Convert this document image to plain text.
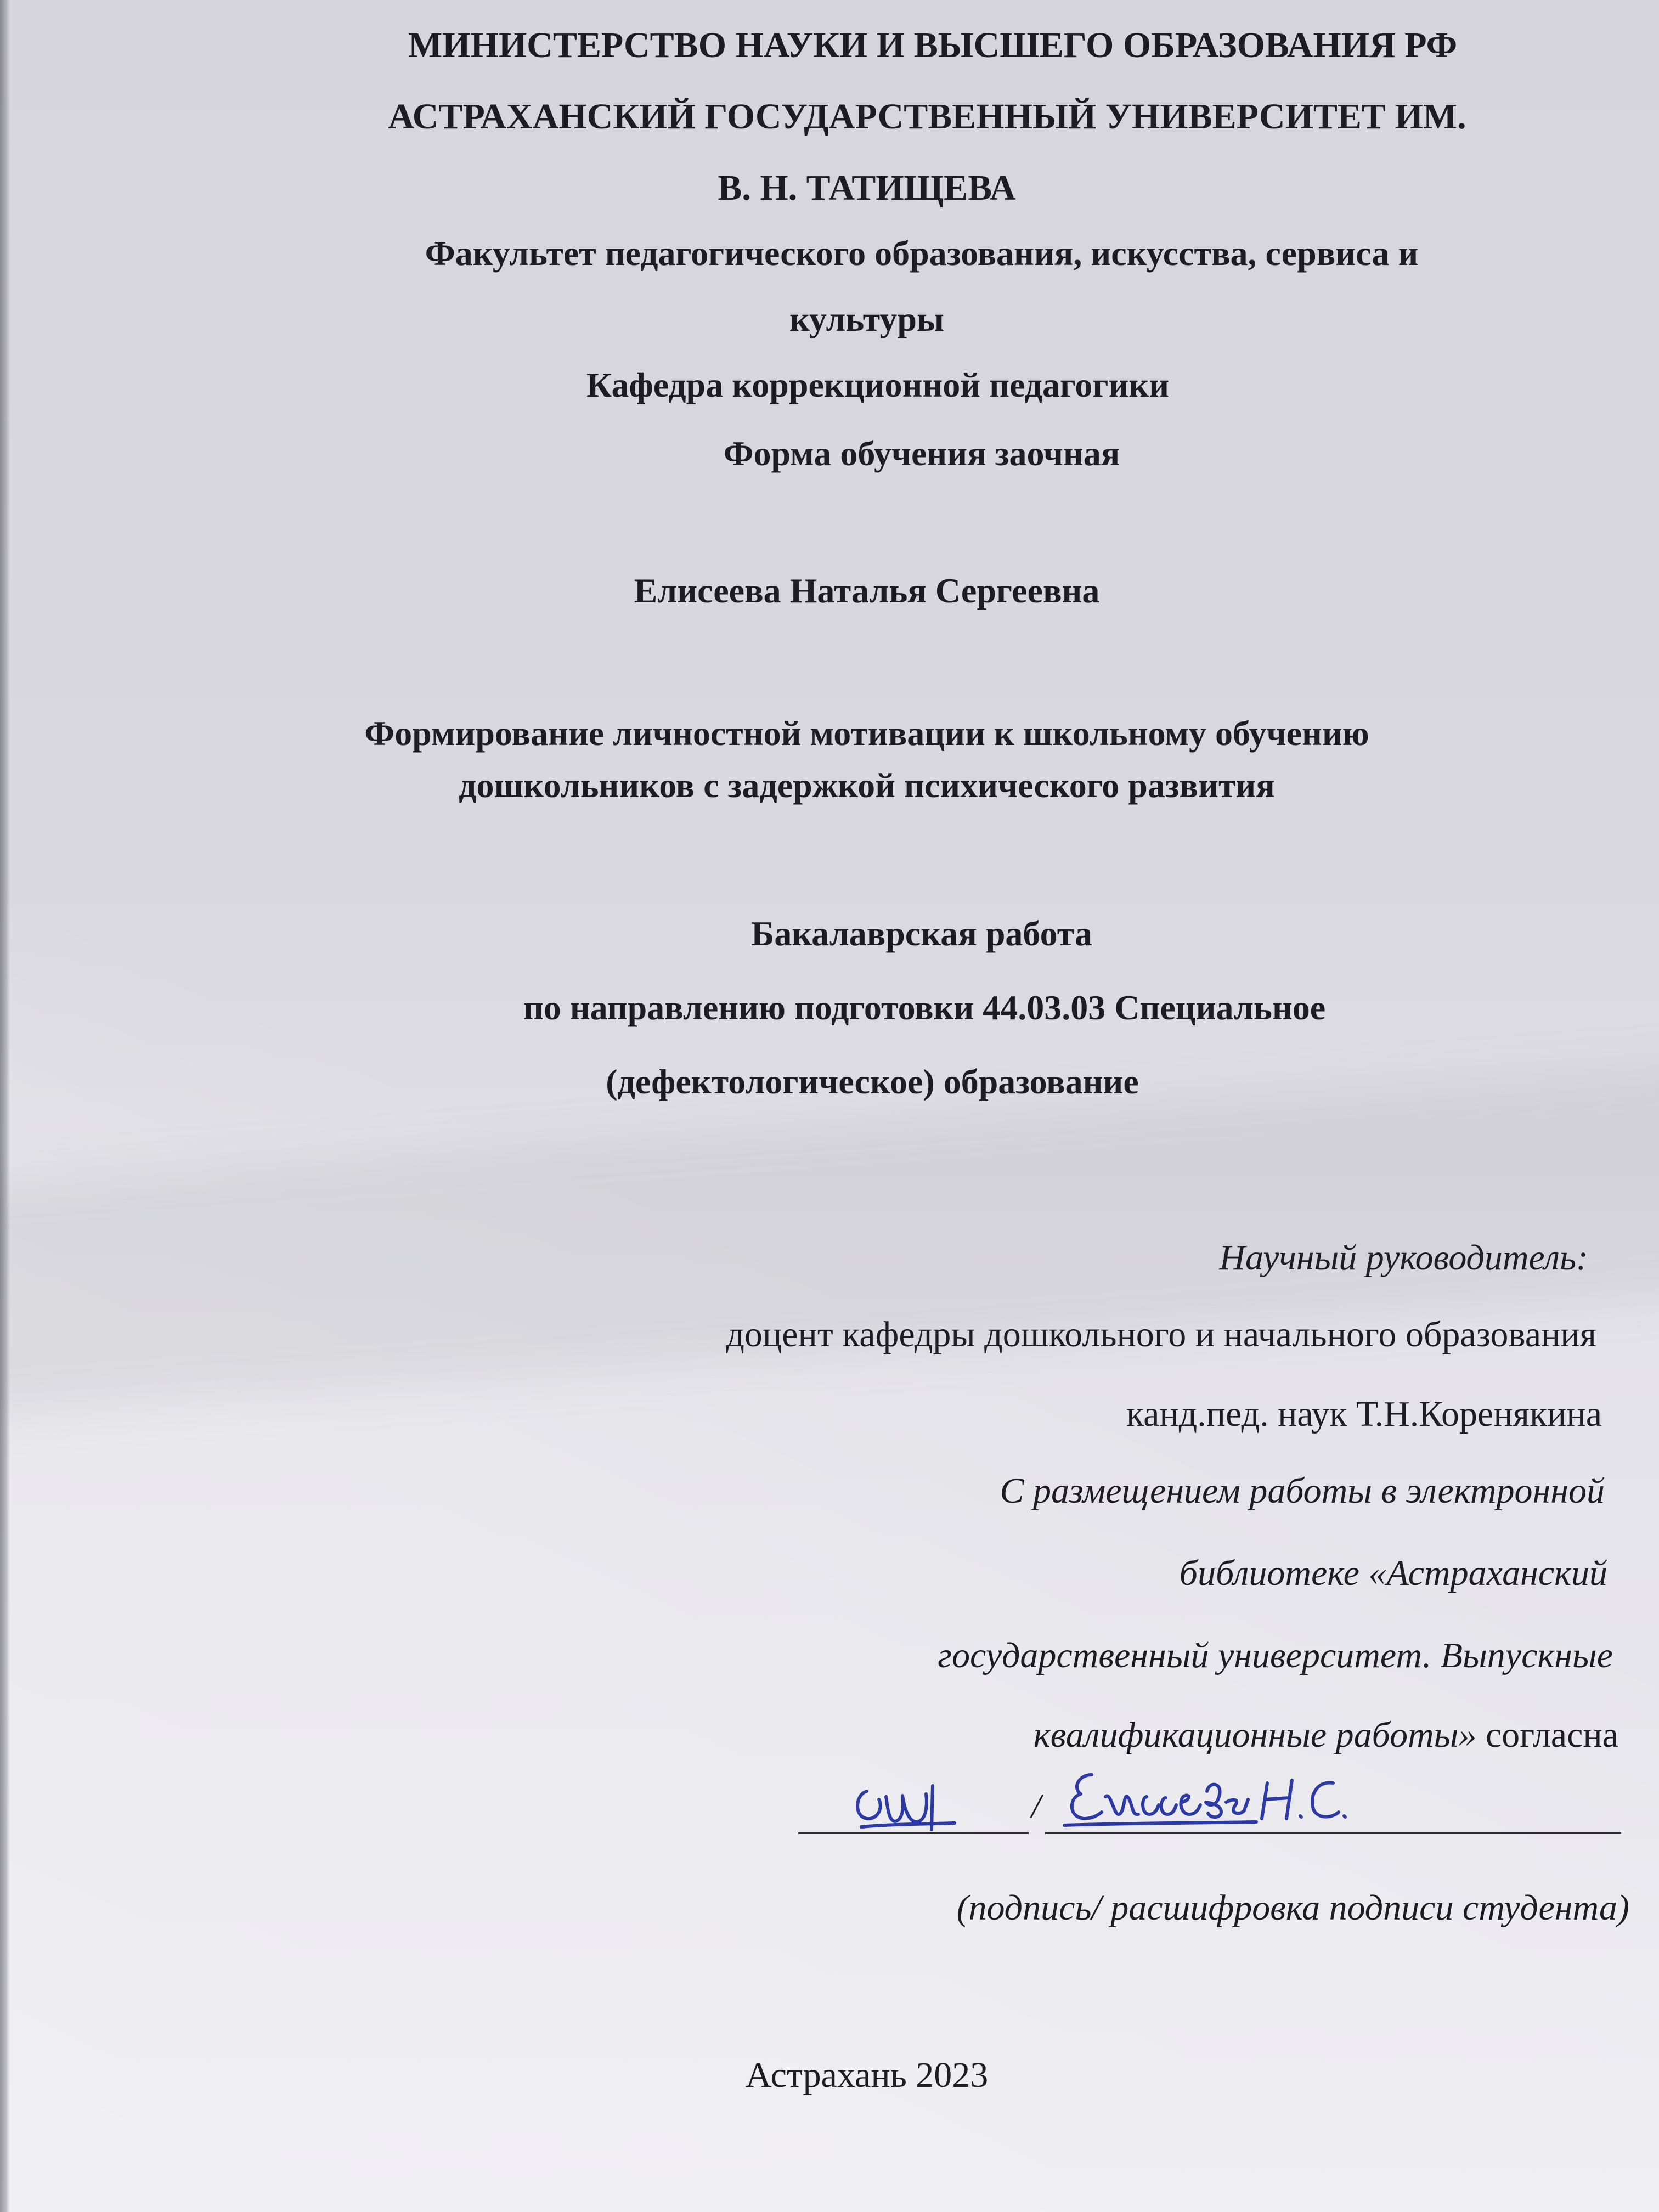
МИНИСТЕРСТВО НАУКИ И ВЫСШЕГО ОБРАЗОВАНИЯ РФ
АСТРАХАНСКИЙ ГОСУДАРСТВЕННЫЙ УНИВЕРСИТЕТ ИМ.
В. Н. ТАТИЩЕВА
Факультет педагогического образования, искусства, сервиса и
культуры
Кафедра коррекционной педагогики
Форма обучения заочная
Елисеева Наталья Сергеевна
Формирование личностной мотивации к школьному обучению
дошкольников с задержкой психического развития
Бакалаврская работа
по направлению подготовки 44.03.03 Специальное
(дефектологическое) образование
Научный руководитель:
доцент кафедры дошкольного и начального образования
канд.пед. наук Т.Н.Коренякина
С размещением работы в электронной
библиотеке «Астраханский
государственный университет. Выпускные
квалификационные работы» согласна
/
(подпись/ расшифровка подписи студента)
Астрахань 2023
